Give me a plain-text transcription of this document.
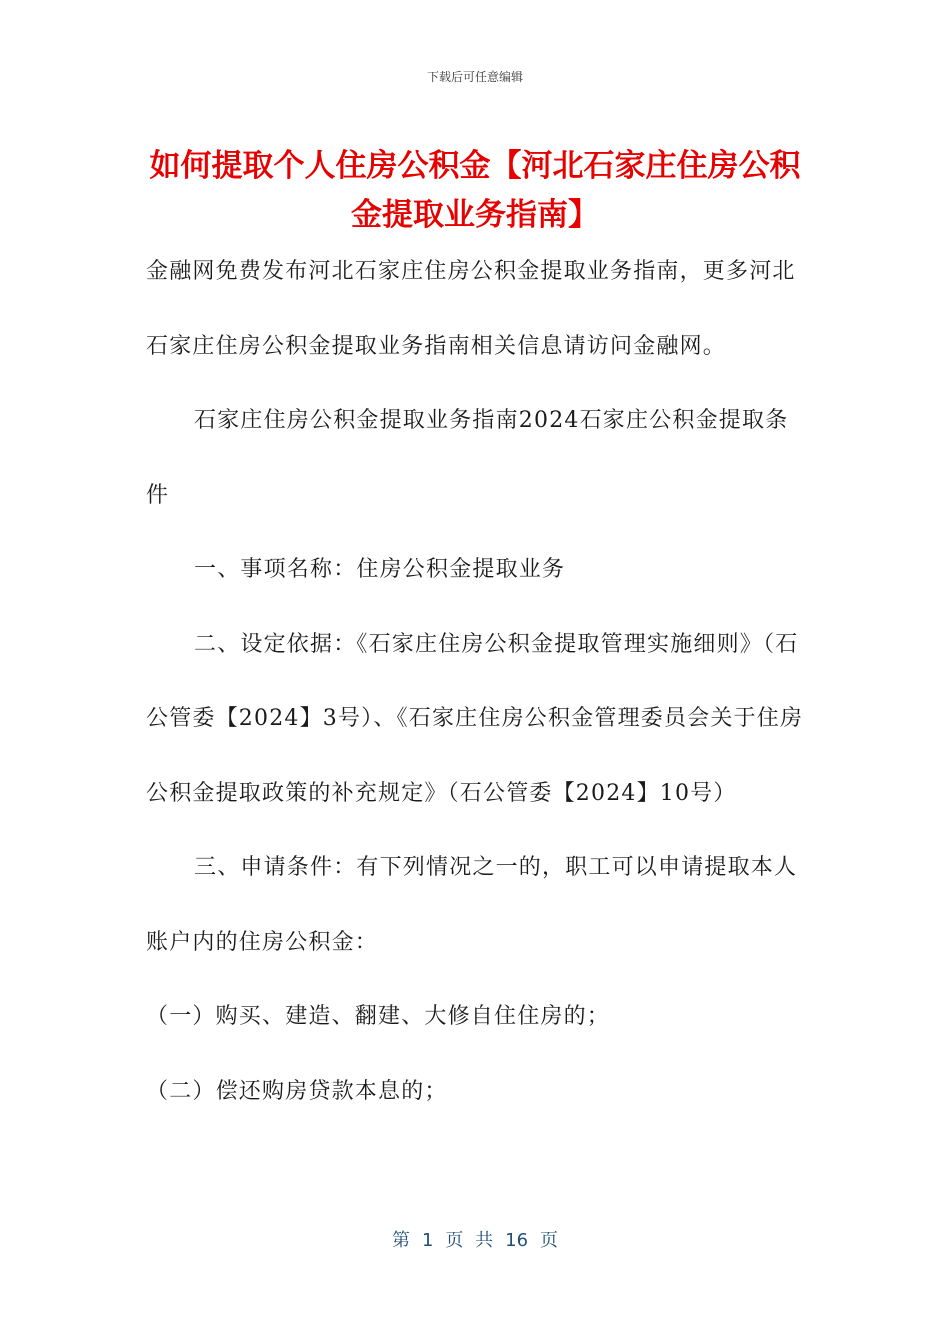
下载后可任意编辑
如何提取个人住房公积金【河北石家庄住房公积金提取业务指南】

金融网免费发布河北石家庄住房公积金提取业务指南，更多河北石家庄住房公积金提取业务指南相关信息请访问金融网。

石家庄住房公积金提取业务指南2024石家庄公积金提取条件

一、事项名称：住房公积金提取业务

二、设定依据：《石家庄住房公积金提取管理实施细则》（石公管委【2024】3号）、《石家庄住房公积金管理委员会关于住房公积金提取政策的补充规定》（石公管委【2024】10号）

三、申请条件：有下列情况之一的，职工可以申请提取本人账户内的住房公积金：

（一）购买、建造、翻建、大修自住住房的；

（二）偿还购房贷款本息的；

第 1 页 共 16 页
